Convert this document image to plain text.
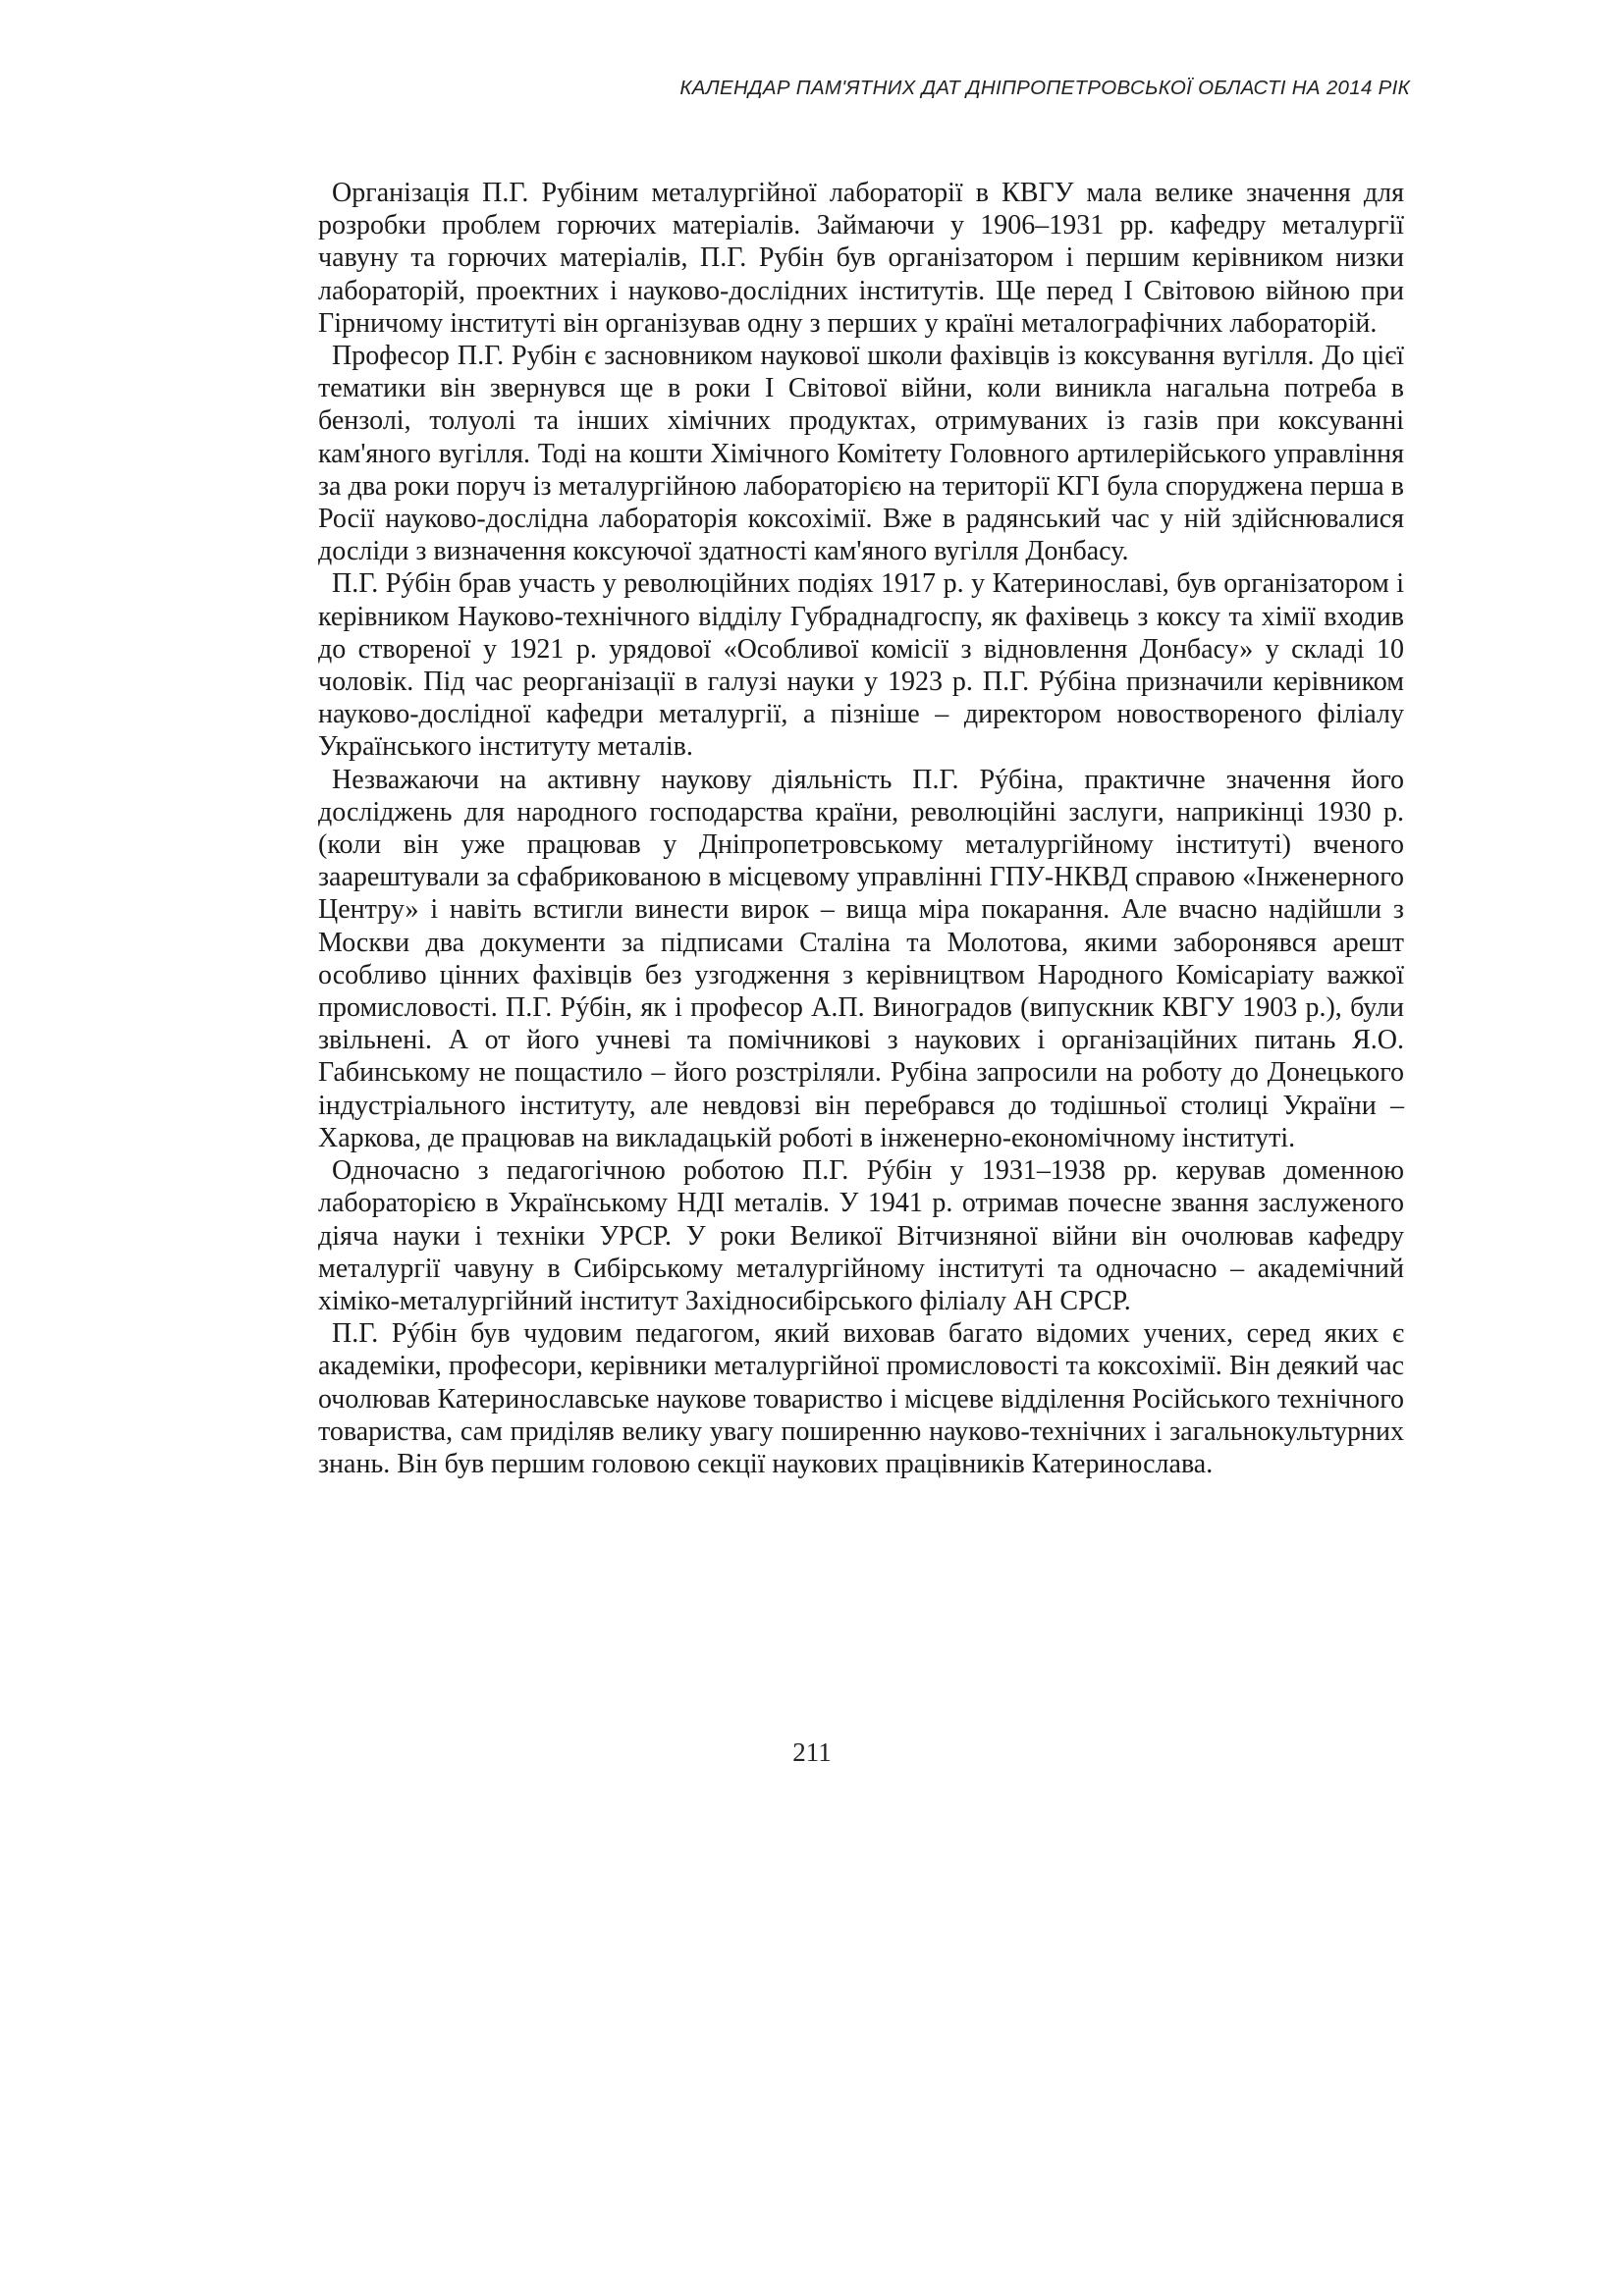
КАЛЕНДАР ПАМ'ЯТНИХ ДАТ ДНІПРОПЕТРОВСЬКОЇ ОБЛАСТІ НА 2014 РІК

Організація П.Г. Рубіним металургійної лабораторії в КВГУ мала велике значення для розробки проблем горючих матеріалів. Займаючи у 1906–1931 рр. кафедру металургії чавуну та горючих матеріалів, П.Г. Рубін був організатором і першим керівником низки лабораторій, проектних і науково-дослідних інститутів. Ще перед І Світовою війною при Гірничому інституті він організував одну з перших у країні металографічних лабораторій.

Професор П.Г. Рубін є засновником наукової школи фахівців із коксування вугілля. До цієї тематики він звернувся ще в роки І Світової війни, коли виникла нагальна потреба в бензолі, толуолі та інших хімічних продуктах, отримуваних із газів при коксуванні кам'яного вугілля. Тоді на кошти Хімічного Комітету Головного артилерійського управління за два роки поруч із металургійною лабораторією на території КГІ була споруджена перша в Росії науково-дослідна лабораторія коксохімії. Вже в радянський час у ній здійснювалися досліди з визначення коксуючої здатності кам'яного вугілля Донбасу.

П.Г. Рýбін брав участь у революційних подіях 1917 р. у Катеринославі, був організатором і керівником Науково-технічного відділу Губраднадгоспу, як фахівець з коксу та хімії входив до створеної у 1921 р. урядової «Особливої комісії з відновлення Донбасу» у складі 10 чоловік. Під час реорганізації в галузі науки у 1923 р. П.Г. Рýбіна призначили керівником науково-дослідної кафедри металургії, а пізніше – директором новоствореного філіалу Українського інституту металів.

Незважаючи на активну наукову діяльність П.Г. Рýбіна, практичне значення його досліджень для народного господарства країни, революційні заслуги, наприкінці 1930 р. (коли він уже працював у Дніпропетровському металургійному інституті) вченого заарештували за сфабрикованою в місцевому управлінні ГПУ-НКВД справою «Інженерного Центру» і навіть встигли винести вирок – вища міра покарання. Але вчасно надійшли з Москви два документи за підписами Сталіна та Молотова, якими заборонявся арешт особливо цінних фахівців без узгодження з керівництвом Народного Комісаріату важкої промисловості. П.Г. Рýбін, як і професор А.П. Виноградов (випускник КВГУ 1903 р.), були звільнені. А от його учневі та помічникові з наукових і організаційних питань Я.О. Габинському не пощастило – його розстріляли. Рубіна запросили на роботу до Донецького індустріального інституту, але невдовзі він перебрався до тодішньої столиці України – Харкова, де працював на викладацькій роботі в інженерно-економічному інституті.

Одночасно з педагогічною роботою П.Г. Рýбін у 1931–1938 рр. керував доменною лабораторією в Українському НДІ металів. У 1941 р. отримав почесне звання заслуженого діяча науки і техніки УРСР. У роки Великої Вітчизняної війни він очолював кафедру металургії чавуну в Сибірському металургійному інституті та одночасно – академічний хіміко-металургійний інститут Західносибірського філіалу АН СРСР.

П.Г. Рýбін був чудовим педагогом, який виховав багато відомих учених, серед яких є академіки, професори, керівники металургійної промисловості та коксохімії. Він деякий час очолював Катеринославське наукове товариство і місцеве відділення Російського технічного товариства, сам приділяв велику увагу поширенню науково-технічних і загальнокультурних знань. Він був першим головою секції наукових працівників Катеринослава.

211
